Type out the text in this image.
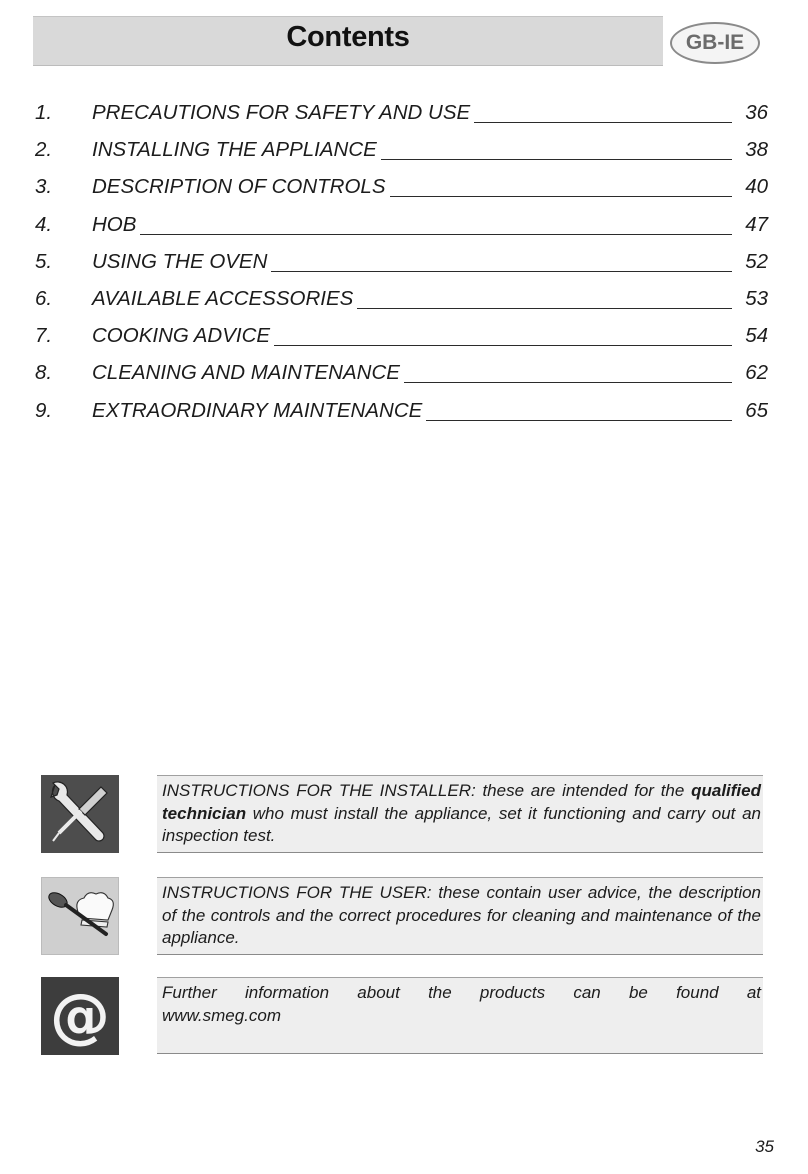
Contents	GB-IE
1. PRECAUTIONS FOR SAFETY AND USE	36
2. INSTALLING THE APPLIANCE	38
3. DESCRIPTION OF CONTROLS	40
4. HOB	47
5. USING THE OVEN	52
6. AVAILABLE ACCESSORIES	53
7. COOKING ADVICE	54
8. CLEANING AND MAINTENANCE	62
9. EXTRAORDINARY MAINTENANCE	65
INSTRUCTIONS FOR THE INSTALLER: these are intended for the qualified technician who must install the appliance, set it functioning and carry out an inspection test.
INSTRUCTIONS FOR THE USER: these contain user advice, the description of the controls and the correct procedures for cleaning and maintenance of the appliance.
@	Further information about the products can be found at
www.smeg.com
35
